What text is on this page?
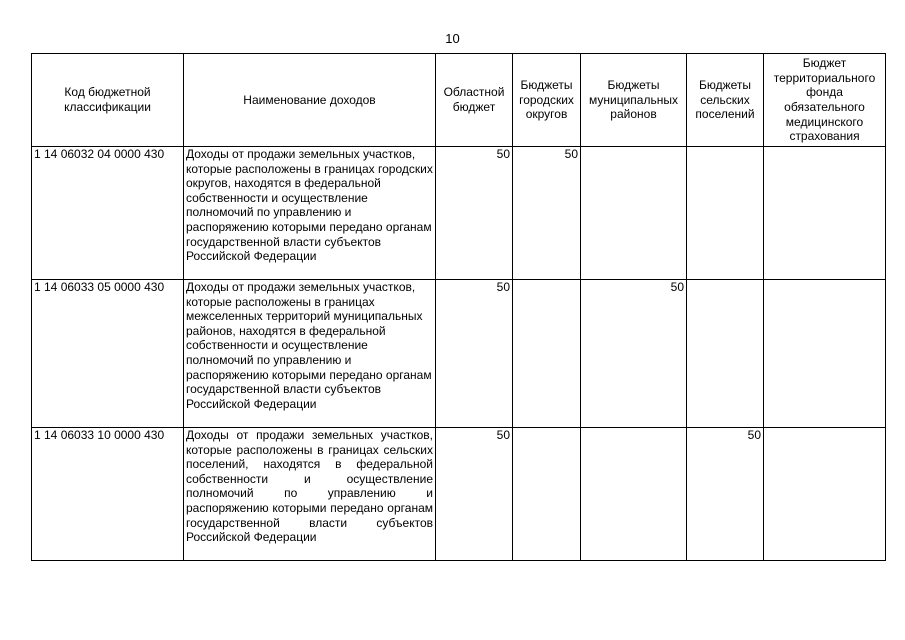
10
Код бюджетной классификации	Наименование доходов	Областной бюджет	Бюджеты городских округов	Бюджеты муниципальных районов	Бюджеты сельских поселений	Бюджет территориального фонда обязательного медицинского страхования
1 14 06032 04 0000 430	Доходы от продажи земельных участков, которые расположены в границах городских округов, находятся в федеральной собственности и осуществление полномочий по управлению и распоряжению которыми передано органам государственной власти субъектов Российской Федерации	50	50			
1 14 06033 05 0000 430	Доходы от продажи земельных участков, которые расположены в границах межселенных территорий муниципальных районов, находятся в федеральной собственности и осуществление полномочий по управлению и распоряжению которыми передано органам государственной власти субъектов Российской Федерации	50		50		
1 14 06033 10 0000 430	Доходы от продажи земельных участков, которые расположены в границах сельских поселений, находятся в федеральной собственности и осуществление полномочий по управлению и распоряжению которыми передано органам государственной власти субъектов Российской Федерации	50			50	
